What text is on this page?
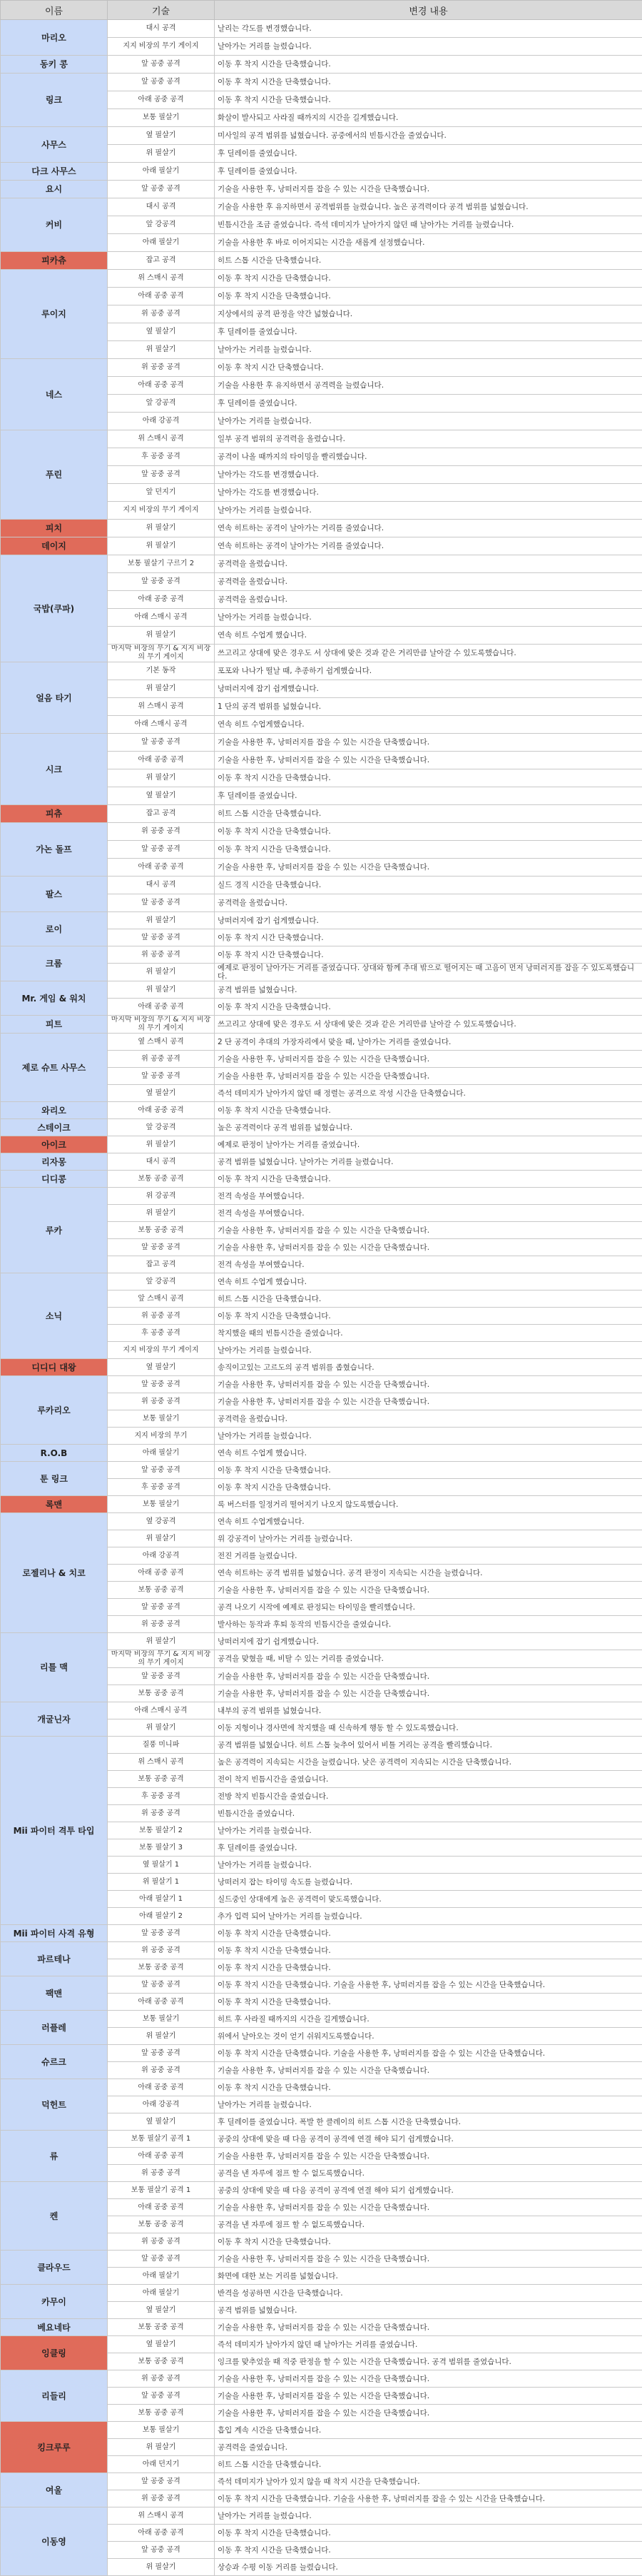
이름	기술	변경 내용
마리오	대시 공격	날리는 각도를 변경했습니다.
	지지 비장의 무기 게이지	날아가는 거리를 늘렸습니다.
동키 콩	앞 공중 공격	이동 후 착지 시간을 단축했습니다.
링크	앞 공중 공격	이동 후 착지 시간을 단축했습니다.
	아래 공중 공격	이동 후 착지 시간을 단축했습니다.
	보통 필살기	화살이 발사되고 사라질 때까지의 시간을 길게했습니다.
사무스	옆 필살기	미사일의 공격 범위를 넓혔습니다. 공중에서의 빈틈시간을 줄였습니다.
	위 필살기	후 딜레이를 줄였습니다.
다크 사무스	아래 필살기	후 딜레이를 줄였습니다.
요시	앞 공중 공격	기술을 사용한 후, 낭떠러지를 잡을 수 있는 시간을 단축했습니다.
커비	대시 공격	기술을 사용한 후 유지하면서 공격범위를 늘렸습니다. 높은 공격력이다 공격 범위를 넓혔습니다.
	앞 강공격	빈틈시간을 조금 줄였습니다. 즉석 데미지가 날아가지 않던 때 날아가는 거리를 늘렸습니다.
	아래 필살기	기술을 사용한 후 바로 이어지되는 시간을 새롭게 설정했습니다.
피카츄	잡고 공격	히트 스톱 시간을 단축했습니다.
루이지	위 스매시 공격	이동 후 착지 시간을 단축했습니다.
	아래 공중 공격	이동 후 착지 시간을 단축했습니다.
	위 공중 공격	지상에서의 공격 판정을 약간 넓혔습니다.
	옆 필살기	후 딜레이를 줄였습니다.
	위 필살기	날아가는 거리를 늘렸습니다.
네스	위 공중 공격	이동 후 착지 시간 단축했습니다.
	아래 공중 공격	기술을 사용한 후 유지하면서 공격력을 늘렸습니다.
	앞 강공격	후 딜레이를 줄였습니다.
	아래 강공격	날아가는 거리를 늘렸습니다.
푸린	위 스매시 공격	일부 공격 범위의 공격력을 올렸습니다.
	후 공중 공격	공격이 나올 때까지의 타이밍을 빨리했습니다.
	앞 공중 공격	날아가는 각도를 변경했습니다.
	앞 던지기	날아가는 각도를 변경했습니다.
	지지 비장의 무기 게이지	날아가는 거리를 늘렸습니다.
피치	위 필살기	연속 히트하는 공격이 날아가는 거리를 줄였습니다.
데이지	위 필살기	연속 히트하는 공격이 날아가는 거리를 줄였습니다.
국밥(쿠파)	보통 필살기 구르기 2	공격력을 올렸습니다.
	앞 공중 공격	공격력을 올렸습니다.
	아래 공중 공격	공격력을 올렸습니다.
	아래 스매시 공격	날아가는 거리를 늘렸습니다.
	위 필살기	연속 히트 수업게 했습니다.
	마지막 비장의 무기 & 지지 비장의 무기 게이지	쓰고리고 상대에 맞은 경우도 서 상대에 맞은 것과 같은 거리만큼 날아갈 수 있도록했습니다.
얼음 타기	기본 동작	포포와 나나가 떨날 때, 추종하기 쉽게했습니다.
	위 필살기	낭떠러지에 잡기 쉽게했습니다.
	위 스매시 공격	1 단의 공격 범위를 넓혔습니다.
	아래 스매시 공격	연속 히트 수업게했습니다.
시크	앞 공중 공격	기술을 사용한 후, 낭떠러지를 잡을 수 있는 시간을 단축했습니다.
	아래 공중 공격	기술을 사용한 후, 낭떠러지를 잡을 수 있는 시간을 단축했습니다.
	위 필살기	이동 후 착지 시간을 단축했습니다.
	옆 필살기	후 딜레이를 줄였습니다.
피츄	잡고 공격	히트 스톱 시간을 단축했습니다.
가논 돌프	위 공중 공격	이동 후 착지 시간을 단축했습니다.
	앞 공중 공격	이동 후 착지 시간을 단축했습니다.
	아래 공중 공격	기술을 사용한 후, 낭떠러지를 잡을 수 있는 시간을 단축했습니다.
팔스	대시 공격	실드 경직 시간을 단축했습니다.
	앞 공중 공격	공격력을 올렸습니다.
로이	위 필살기	낭떠러지에 잡기 쉽게했습니다.
	앞 공중 공격	이동 후 착지 시간 단축했습니다.
크롬	위 공중 공격	이동 후 착지 시간 단축했습니다.
	위 필살기	예제로 판정이 날아가는 거리를 줄였습니다. 상대와 함께 추대 밖으로 떨어지는 때 고음이 먼저 낭떠러지를 잡을 수 있도록했습니다.
Mr. 게임 & 워치	위 필살기	공격 범위를 넓혔습니다.
	아래 공중 공격	이동 후 착지 시간을 단축했습니다.
피트	마지막 비장의 무기 & 지지 비장의 무기 게이지	쓰고리고 상대에 맞은 경우도 서 상대에 맞은 것과 같은 거리만큼 날아갈 수 있도록했습니다.
제로 슈트 사무스	옆 스매시 공격	2 단 공격이 추대의 가장자리에서 맞을 때, 날아가는 거리를 줄였습니다.
	위 공중 공격	기술을 사용한 후, 낭떠러지를 잡을 수 있는 시간을 단축했습니다.
	앞 공중 공격	기술을 사용한 후, 낭떠러지를 잡을 수 있는 시간을 단축했습니다.
	옆 필살기	즉석 데미지가 날아가지 않던 때 정렬는 공격으로 작성 시간을 단축했습니다.
와리오	아래 공중 공격	이동 후 착지 시간을 단축했습니다.
스테이크	앞 강공격	높은 공격력이다 공격 범위를 넓혔습니다.
아이크	위 필살기	예제로 판정이 날아가는 거리를 줄였습니다.
리자몽	대시 공격	공격 범위를 넓혔습니다. 날아가는 거리를 늘렸습니다.
디디콩	보통 공중 공격	이동 후 착지 시간을 단축했습니다.
루카	위 강공격	전격 속성을 부여했습니다.
	위 필살기	전격 속성을 부여했습니다.
	보통 공중 공격	기술을 사용한 후, 낭떠러지를 잡을 수 있는 시간을 단축했습니다.
	앞 공중 공격	기술을 사용한 후, 낭떠러지를 잡을 수 있는 시간을 단축했습니다.
	잡고 공격	전격 속성을 부여했습니다.
소닉	앞 강공격	연속 히트 수업게 했습니다.
	앞 스매시 공격	히트 스톱 시간을 단축했습니다.
	위 공중 공격	이동 후 착지 시간을 단축했습니다.
	후 공중 공격	착지했을 때의 빈틈시간을 줄였습니다.
	지지 비장의 무기 게이지	날아가는 거리를 늘렸습니다.
디디디 대왕	옆 필살기	송직이고있는 고르도의 공격 범위를 좁혔습니다.
루카리오	앞 공중 공격	기술을 사용한 후, 낭떠러지를 잡을 수 있는 시간을 단축했습니다.
	위 공중 공격	기술을 사용한 후, 낭떠러지를 잡을 수 있는 시간을 단축했습니다.
	보통 필살기	공격력을 올렸습니다.
	지지 비장의 무기	날아가는 거리를 늘렸습니다.
R.O.B	아래 필살기	연속 히트 수업게 했습니다.
툰 링크	앞 공중 공격	이동 후 착지 시간을 단축했습니다.
	후 공중 공격	이동 후 착지 시간을 단축했습니다.
록맨	보통 필살기	록 버스터를 일정거리 떨어지기 나오지 않도록했습니다.
로젤리나 & 치코	옆 강공격	연속 히트 수업게했습니다.
	위 필살기	위 강공격이 날아가는 거리를 늘렸습니다.
	아래 강공격	전진 거리를 늘렸습니다.
	아래 공중 공격	연속 히트하는 공격 범위를 넓혔습니다. 공격 판정이 지속되는 시간을 늘렸습니다.
	보통 공중 공격	기술을 사용한 후, 낭떠러지를 잡을 수 있는 시간을 단축했습니다.
	앞 공중 공격	공격 나오기 시작에 예제로 판정되는 타이밍을 빨리했습니다.
	위 공중 공격	발사하는 동작과 후퇴 동작의 빈틈시간을 줄였습니다.
리틀 맥	위 필살기	낭떠러지에 잡기 쉽게했습니다.
	마지막 비장의 무기 & 지지 비장의 무기 게이지	공격을 맞혔을 때, 비탈 수 있는 거리를 줄였습니다.
	앞 공중 공격	기술을 사용한 후, 낭떠러지를 잡을 수 있는 시간을 단축했습니다.
	보통 공중 공격	기술을 사용한 후, 낭떠러지를 잡을 수 있는 시간을 단축했습니다.
개굴닌자	아래 스매시 공격	내부의 공격 범위를 넓혔습니다.
	위 필살기	이동 지형이나 경사면에 착지했을 때 신속하게 행동 할 수 있도록했습니다.
Mii 파이터 격투 타입	질풍 미니파	공격 범위를 넓혔습니다. 히트 스톱 늦추어 있어서 비틀 거리는 공격을 빨리했습니다.
	위 스매시 공격	높은 공격력이 지속되는 시간을 늘렸습니다. 낮은 공격력이 지속되는 시간을 단축했습니다.
	보통 공중 공격	전이 착지 빈틈시간을 줄였습니다.
	후 공중 공격	전방 착지 빈틈시간을 줄였습니다.
	위 공중 공격	빈틈시간을 줄였습니다.
	보통 필살기 2	날아가는 거리를 늘렸습니다.
	보통 필살기 3	후 딜레이를 줄였습니다.
	옆 필살기 1	날아가는 거리를 늘렸습니다.
	위 필살기 1	낭떠러지 잡는 타이밍 속도를 늘렸습니다.
	아래 필살기 1	실드중인 상대에게 높은 공격력이 맞도록했습니다.
	아래 필살기 2	추가 입력 되어 날아가는 거리를 늘렸습니다.
Mii 파이터 사격 유형	앞 공중 공격	이동 후 착지 시간을 단축했습니다.
파르테나	위 공중 공격	이동 후 착지 시간을 단축했습니다.
	보통 공중 공격	이동 후 착지 시간을 단축했습니다.
팩맨	앞 공중 공격	이동 후 착지 시간을 단축했습니다. 기술을 사용한 후, 낭떠러지를 잡을 수 있는 시간을 단축했습니다.
	아래 공중 공격	이동 후 착지 시간을 단축했습니다.
러플레	보통 필살기	히트 후 사라질 때까지의 시간을 길게했습니다.
	위 필살기	위에서 날아오는 것이 얻기 쉬워지도록했습니다.
슈르크	앞 공중 공격	이동 후 착지 시간을 단축했습니다. 기술을 사용한 후, 낭떠러지를 잡을 수 있는 시간을 단축했습니다.
	위 공중 공격	기술을 사용한 후, 낭떠러지를 잡을 수 있는 시간을 단축했습니다.
덕헌트	아래 공중 공격	이동 후 착지 시간을 단축했습니다.
	아래 강공격	날아가는 거리를 늘렸습니다.
	옆 필살기	후 딜레이를 줄였습니다. 폭발 한 클레이의 히트 스톱 시간을 단축했습니다.
류	보통 필살기 공격 1	공중의 상대에 맞을 때 다음 공격이 공격에 연결 해야 되기 쉽게했습니다.
	아래 공중 공격	기술을 사용한 후, 낭떠러지를 잡을 수 있는 시간을 단축했습니다.
	위 공중 공격	공격을 낸 자루에 점프 할 수 없도록했습니다.
켄	보통 필살기 공격 1	공중의 상대에 맞을 때 다음 공격이 공격에 연결 해야 되기 쉽게했습니다.
	아래 공중 공격	기술을 사용한 후, 낭떠러지를 잡을 수 있는 시간을 단축했습니다.
	보통 공중 공격	공격을 낸 자루에 점프 할 수 없도록했습니다.
	위 공중 공격	이동 후 착지 시간을 단축했습니다.
클라우드	앞 공중 공격	기술을 사용한 후, 낭떠러지를 잡을 수 있는 시간을 단축했습니다.
	아래 필살기	화면에 대한 보는 거리를 넓혔습니다.
카무이	아래 필살기	반격을 성공하면 시간을 단축했습니다.
	옆 필살기	공격 범위를 넓혔습니다.
베요네타	보통 공중 공격	기술을 사용한 후, 낭떠러지를 잡을 수 있는 시간을 단축했습니다.
잉클링	옆 필살기	즉석 데미지가 날아가지 않던 때 날아가는 거리를 줄였습니다.
	보통 공중 공격	잉크를 맞추었을 때 적중 판정을 할 수 있는 시간을 단축했습니다. 공격 범위를 줄였습니다.
리들리	위 공중 공격	기술을 사용한 후, 낭떠러지를 잡을 수 있는 시간을 단축했습니다.
	앞 공중 공격	기술을 사용한 후, 낭떠러지를 잡을 수 있는 시간을 단축했습니다.
	보통 공중 공격	기술을 사용한 후, 낭떠러지를 잡을 수 있는 시간을 단축했습니다.
킹크루루	보통 필살기	흡입 계속 시간을 단축했습니다.
	위 필살기	공격력을 줄였습니다.
	아래 던지기	히트 스톱 시간을 단축했습니다.
여울	앞 공중 공격	즉석 데미지가 날아가 있지 않을 때 착지 시간을 단축했습니다.
	위 공중 공격	이동 후 착지 시간을 단축했습니다. 기술을 사용한 후, 낭떠러지를 잡을 수 있는 시간을 단축했습니다.
이동영	위 스매시 공격	날아가는 거리를 늘렸습니다.
	아래 공중 공격	이동 후 착지 시간을 단축했습니다.
	앞 공중 공격	이동 후 착지 시간을 단축했습니다.
	위 필살기	상승과 수평 이동 거리를 늘렸습니다.
